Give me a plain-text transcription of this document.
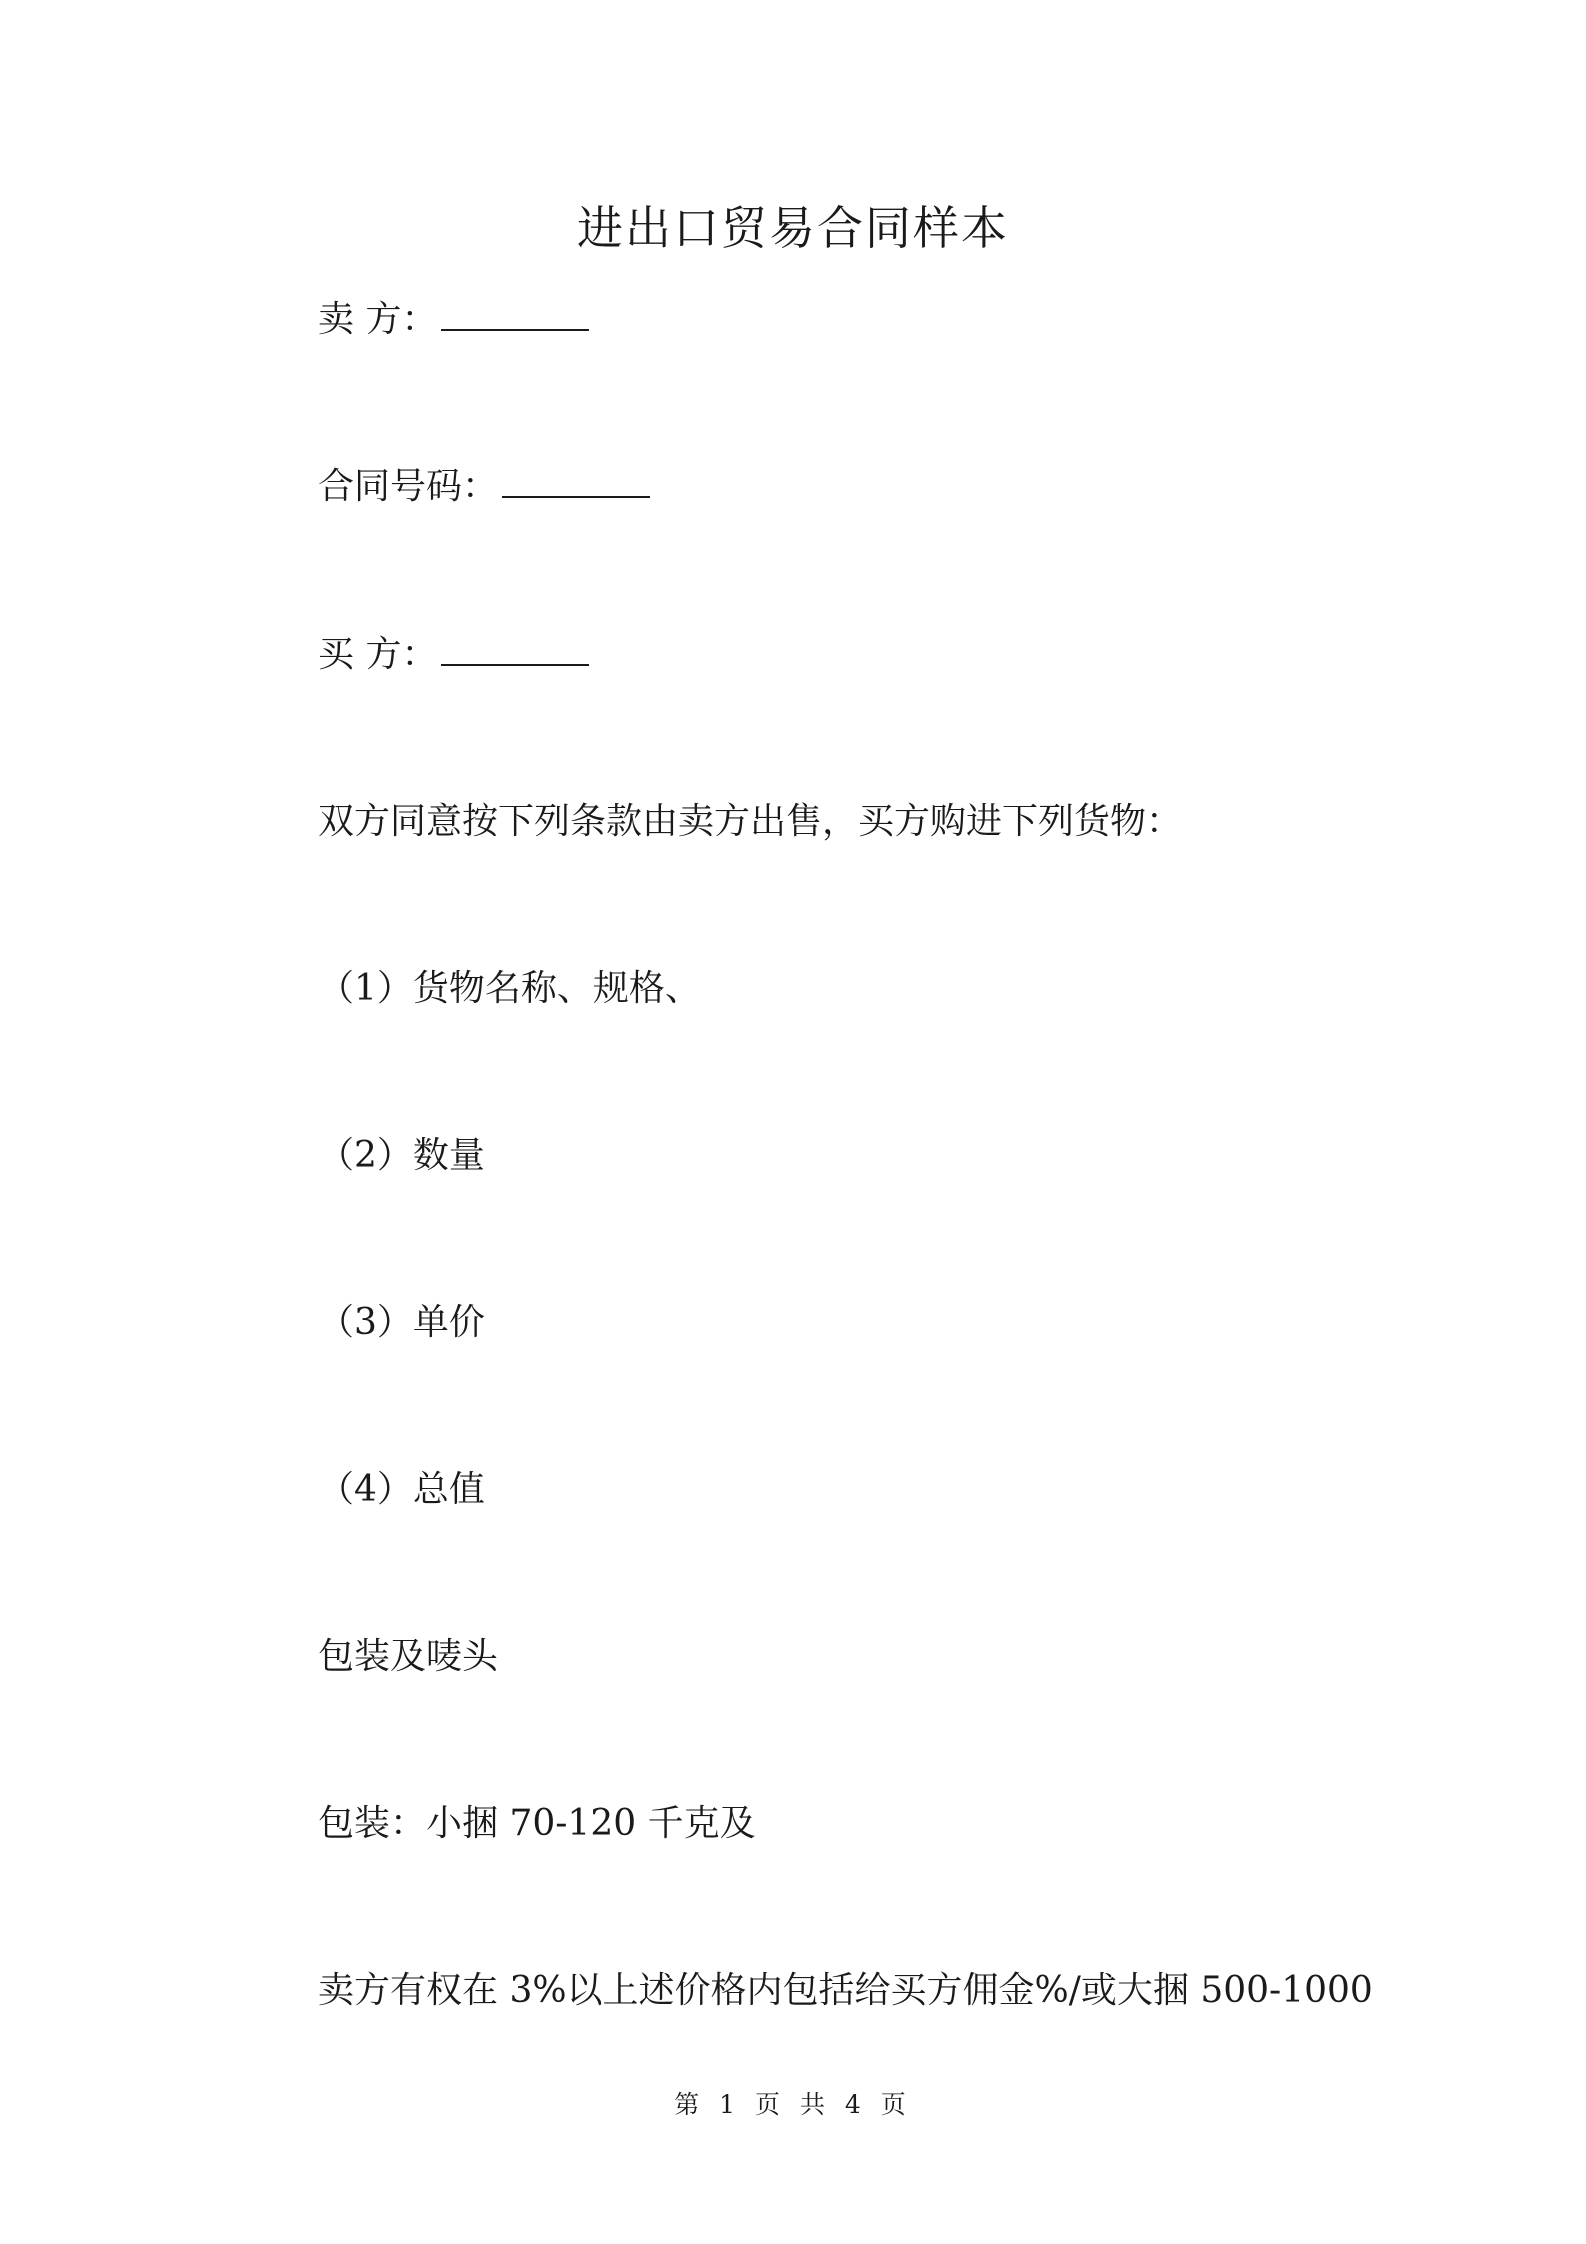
进出口贸易合同样本
卖 方：
合同号码：
买 方：
双方同意按下列条款由卖方出售，买方购进下列货物：
（1）货物名称、规格、
（2）数量
（3）单价
（4）总值
包装及唛头
包装：小捆 70-120 千克及
卖方有权在 3%以上述价格内包括给买方佣金%/或大捆 500-1000
第 1 页 共 4 页
